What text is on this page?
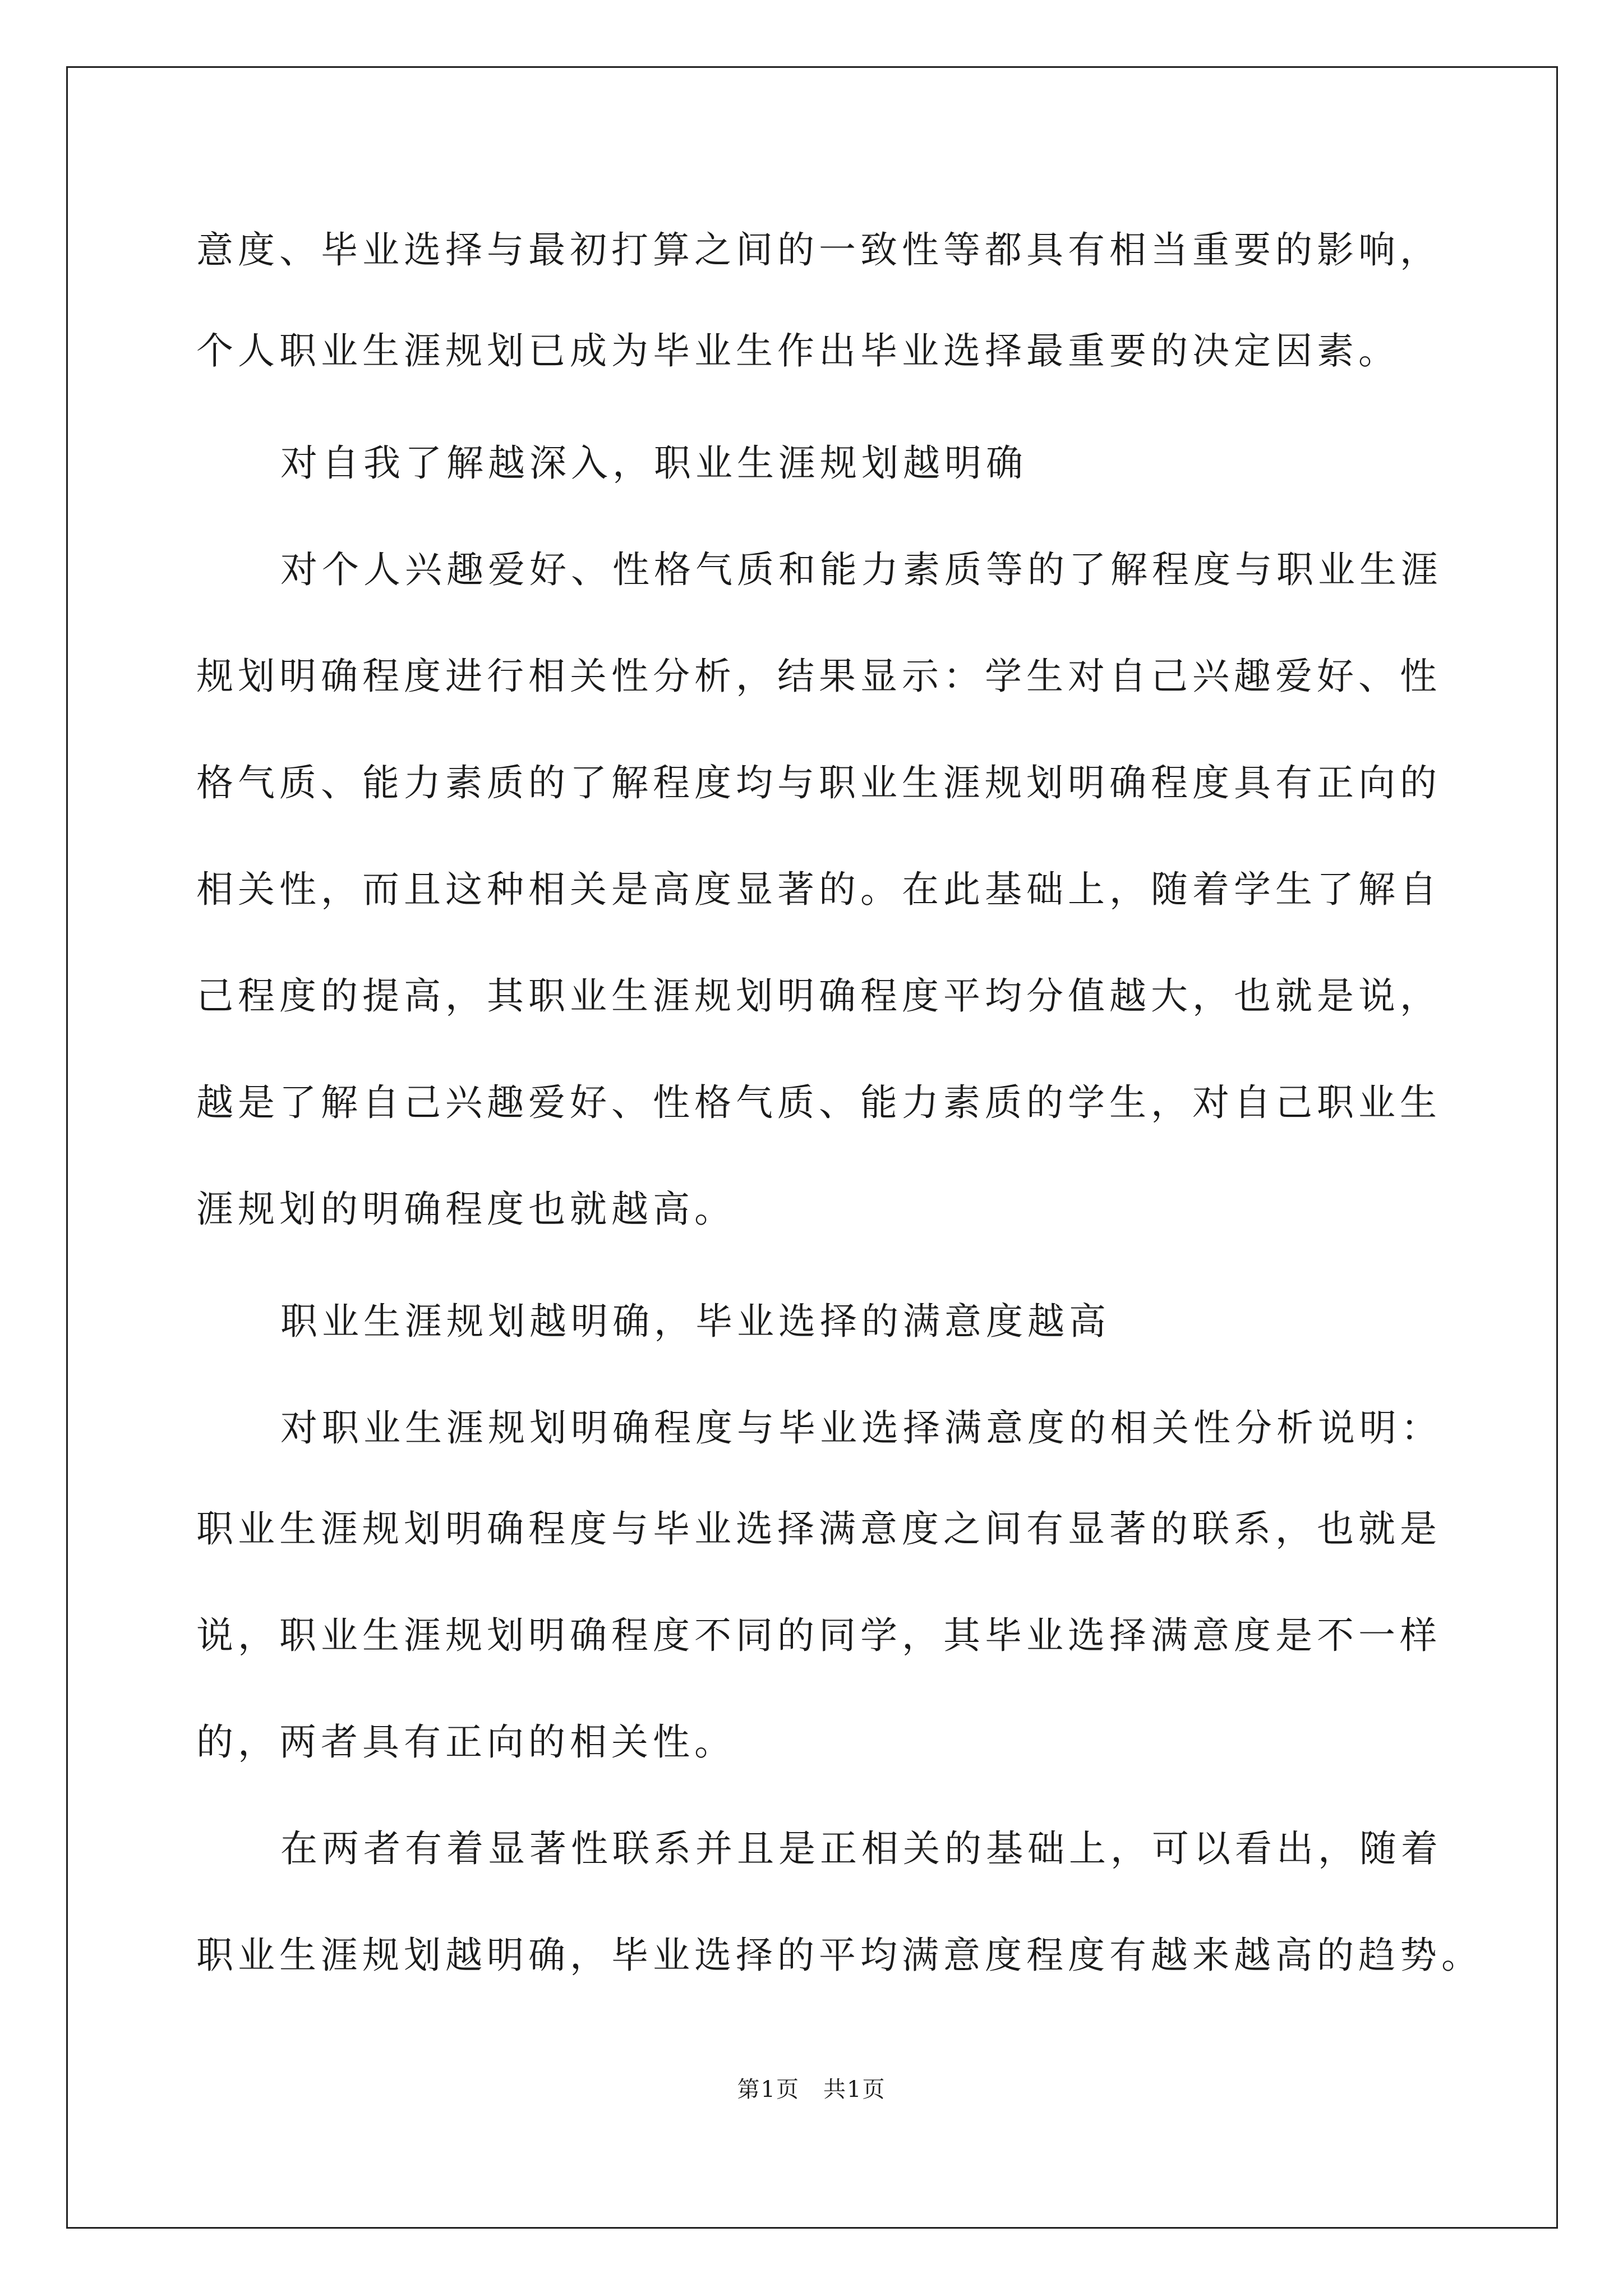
意度、毕业选择与最初打算之间的一致性等都具有相当重要的影响，
个人职业生涯规划已成为毕业生作出毕业选择最重要的决定因素。
对自我了解越深入，职业生涯规划越明确
对个人兴趣爱好、性格气质和能力素质等的了解程度与职业生涯
规划明确程度进行相关性分析，结果显示：学生对自己兴趣爱好、性
格气质、能力素质的了解程度均与职业生涯规划明确程度具有正向的
相关性，而且这种相关是高度显著的。在此基础上，随着学生了解自
己程度的提高，其职业生涯规划明确程度平均分值越大，也就是说，
越是了解自己兴趣爱好、性格气质、能力素质的学生，对自己职业生
涯规划的明确程度也就越高。
职业生涯规划越明确，毕业选择的满意度越高
对职业生涯规划明确程度与毕业选择满意度的相关性分析说明：
职业生涯规划明确程度与毕业选择满意度之间有显著的联系，也就是
说，职业生涯规划明确程度不同的同学，其毕业选择满意度是不一样
的，两者具有正向的相关性。
在两者有着显著性联系并且是正相关的基础上，可以看出，随着
职业生涯规划越明确，毕业选择的平均满意度程度有越来越高的趋势。
第1页　共1页
